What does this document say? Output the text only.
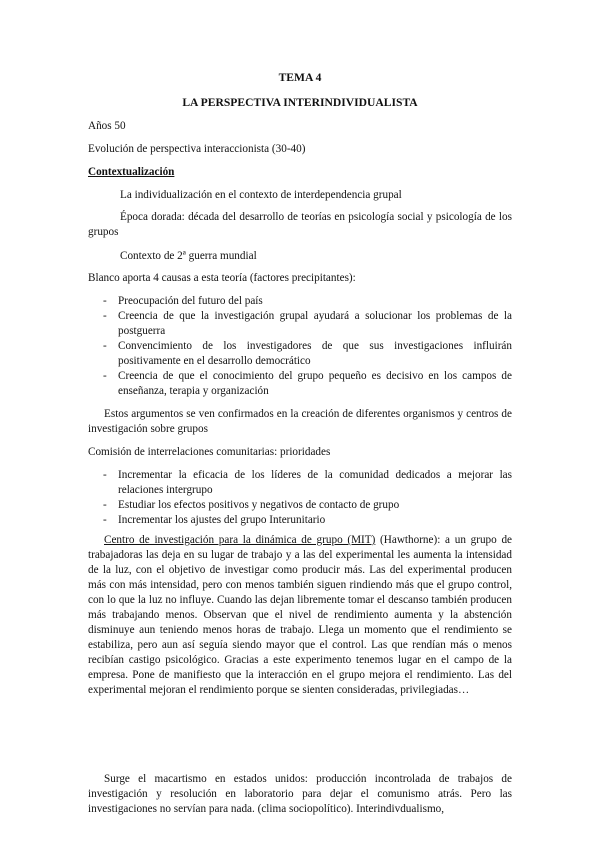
TEMA 4
LA PERSPECTIVA INTERINDIVIDUALISTA
Años 50
Evolución de perspectiva interaccionista (30-40)
Contextualización
La individualización en el contexto de interdependencia grupal

Época dorada: década del desarrollo de teorías en psicología social y psicología de los grupos

Contexto de 2ª guerra mundial
Blanco aporta 4 causas a esta teoría (factores precipitantes):
- Preocupación del futuro del país
- Creencia de que la investigación grupal ayudará a solucionar los problemas de la postguerra
- Convencimiento de los investigadores de que sus investigaciones influirán positivamente en el desarrollo democrático
- Creencia de que el conocimiento del grupo pequeño es decisivo en los campos de enseñanza, terapia y organización

Estos argumentos se ven confirmados en la creación de diferentes organismos y centros de investigación sobre grupos

Comisión de interrelaciones comunitarias: prioridades
- Incrementar la eficacia de los líderes de la comunidad dedicados a mejorar las relaciones intergrupo
- Estudiar los efectos positivos y negativos de contacto de grupo
- Incrementar los ajustes del grupo Interunitario

Centro de investigación para la dinámica de grupo (MIT) (Hawthorne): a un grupo de trabajadoras las deja en su lugar de trabajo y a las del experimental les aumenta la intensidad de la luz, con el objetivo de investigar como producir más. Las del experimental producen más con más intensidad, pero con menos también siguen rindiendo más que el grupo control, con lo que la luz no influye. Cuando las dejan libremente tomar el descanso también producen más trabajando menos. Observan que el nivel de rendimiento aumenta y la abstención disminuye aun teniendo menos horas de trabajo. Llega un momento que el rendimiento se estabiliza, pero aun así seguía siendo mayor que el control. Las que rendían más o menos recibían castigo psicológico. Gracias a este experimento tenemos lugar en el campo de la empresa. Pone de manifiesto que la interacción en el grupo mejora el rendimiento. Las del experimental mejoran el rendimiento porque se sienten consideradas, privilegiadas…

Surge el macartismo en estados unidos: producción incontrolada de trabajos de investigación y resolución en laboratorio para dejar el comunismo atrás. Pero las investigaciones no servían para nada. (clima sociopolítico). Interindivdualismo,
